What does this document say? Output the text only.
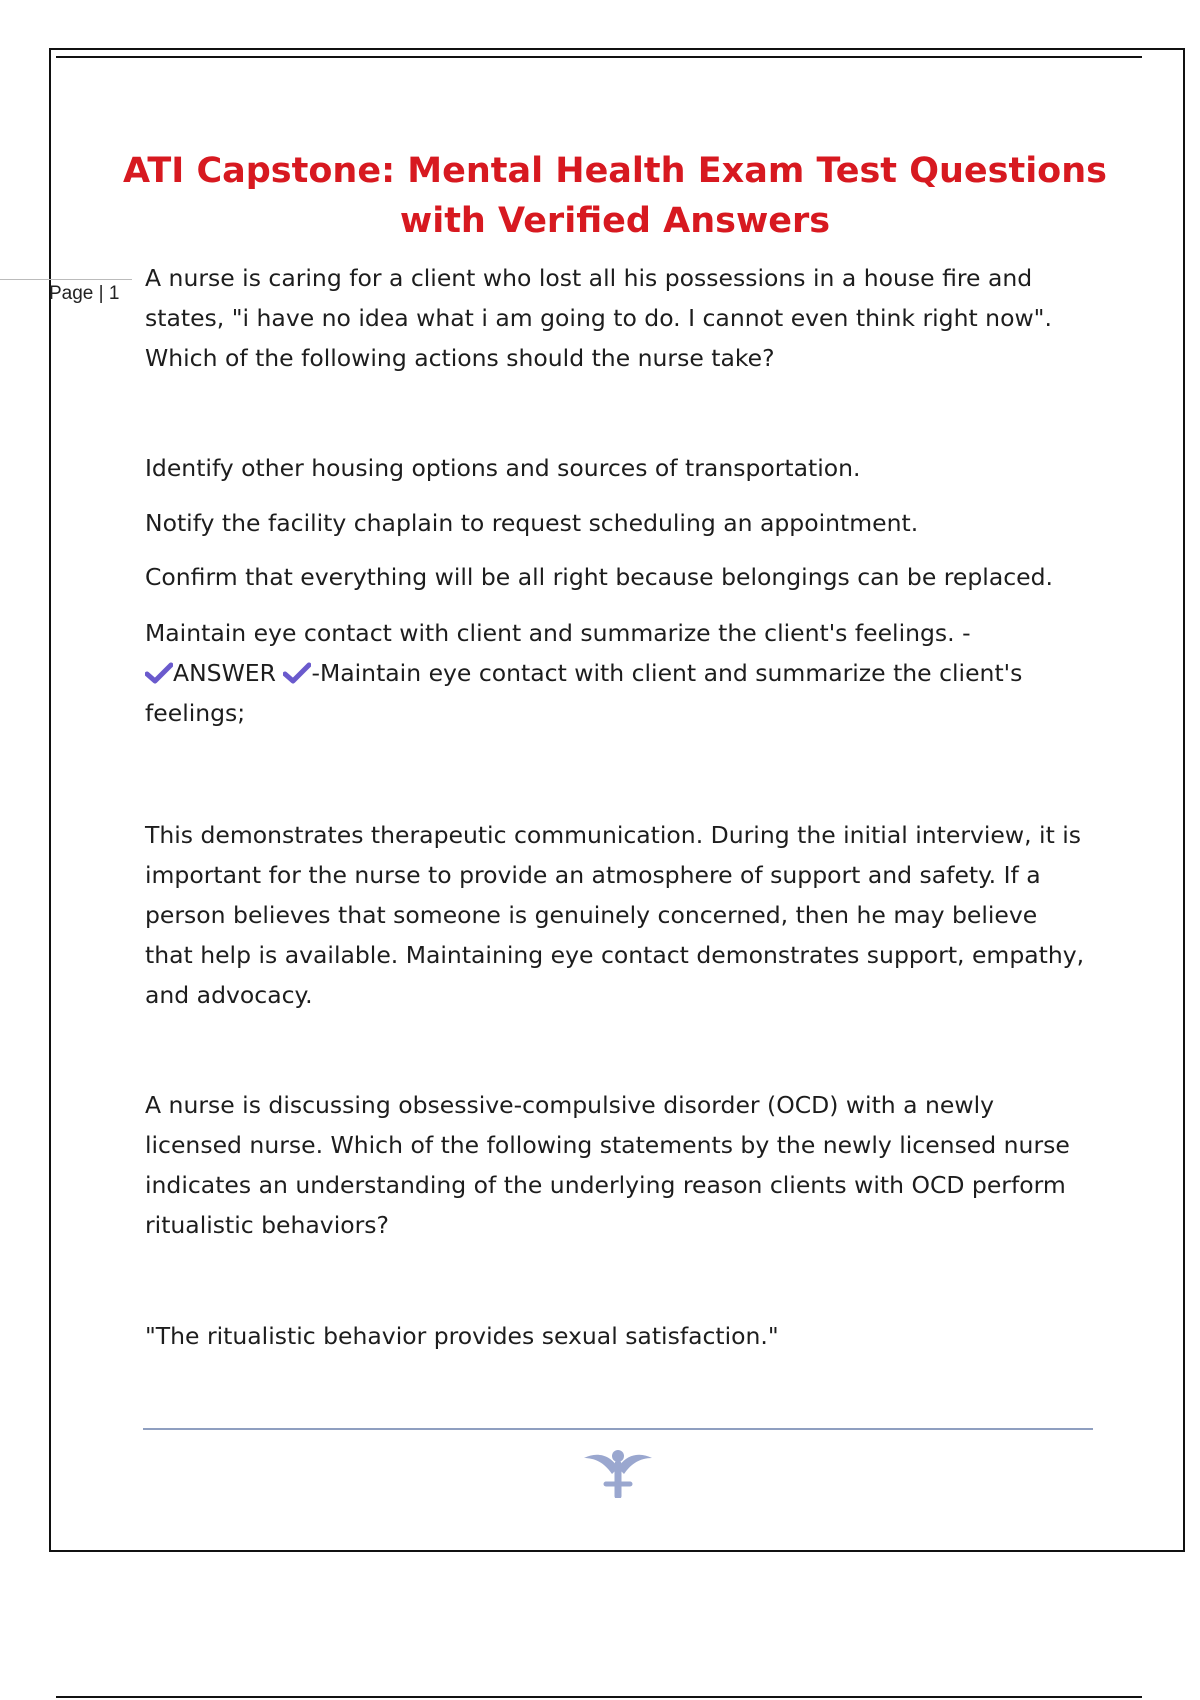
Page | 1
ATI Capstone: Mental Health Exam Test Questions
with Verified Answers
A nurse is caring for a client who lost all his possessions in a house fire and states, "i have no idea what i am going to do. I cannot even think right now". Which of the following actions should the nurse take?
Identify other housing options and sources of transportation.
Notify the facility chaplain to request scheduling an appointment.
Confirm that everything will be all right because belongings can be replaced.
Maintain eye contact with client and summarize the client's feelings. -
ANSWER -Maintain eye contact with client and summarize the client's feelings;
This demonstrates therapeutic communication. During the initial interview, it is important for the nurse to provide an atmosphere of support and safety. If a person believes that someone is genuinely concerned, then he may believe that help is available. Maintaining eye contact demonstrates support, empathy, and advocacy.
A nurse is discussing obsessive-compulsive disorder (OCD) with a newly licensed nurse. Which of the following statements by the newly licensed nurse indicates an understanding of the underlying reason clients with OCD perform ritualistic behaviors?
"The ritualistic behavior provides sexual satisfaction."
